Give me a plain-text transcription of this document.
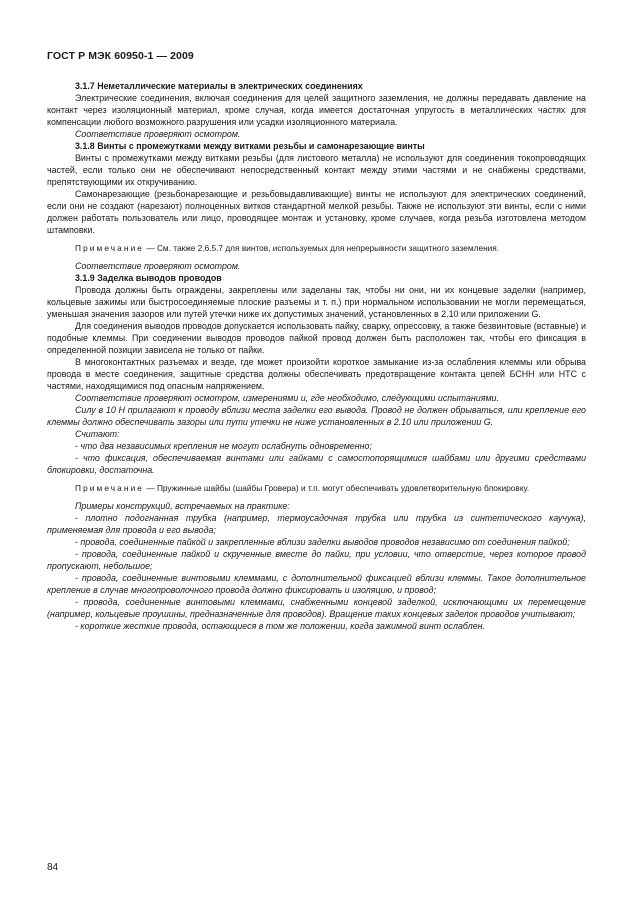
ГОСТ Р МЭК 60950-1 — 2009

3.1.7 Неметаллические материалы в электрических соединениях

Электрические соединения, включая соединения для целей защитного заземления, не должны передавать давление на контакт через изоляционный материал, кроме случая, когда имеется достаточная упругость в металлических частях для компенсации любого возможного разрушения или усадки изоляционного материала.

Соответствие проверяют осмотром.

3.1.8 Винты с промежутками между витками резьбы и самонарезающие винты

Винты с промежутками между витками резьбы (для листового металла) не используют для соединения токопроводящих частей, если только они не обеспечивают непосредственный контакт между этими частями и не снабжены средствами, препятствующими их откручиванию.

Самонарезающие (резьбонарезающие и резьбовыдавливающие) винты не используют для электрических соединений, если они не создают (нарезают) полноценных витков стандартной мелкой резьбы. Также не используют эти винты, если с ними должен работать пользователь или лицо, проводящее монтаж и установку, кроме случаев, когда резьба изготовлена методом штамповки.

Примечание — См. также 2.6.5.7 для винтов, используемых для непрерывности защитного заземления.

Соответствие проверяют осмотром.

3.1.9 Заделка выводов проводов

Провода должны быть ограждены, закреплены или заделаны так, чтобы ни они, ни их концевые заделки (например, кольцевые зажимы или быстросоединяемые плоские разъемы и т. п.) при нормальном использовании не могли перемещаться, уменьшая значения зазоров или путей утечки ниже их допустимых значений, установленных в 2.10 или приложении G.

Для соединения выводов проводов допускается использовать пайку, сварку, опрессовку, а также безвинтовые (вставные) и подобные клеммы. При соединении выводов проводов пайкой провод должен быть расположен так, чтобы его фиксация в определенной позиции зависела не только от пайки.

В многоконтактных разъемах и везде, где может произойти короткое замыкание из-за ослабления клеммы или обрыва провода в месте соединения, защитные средства должны обеспечивать предотвращение контакта цепей БСНН или НТС с частями, находящимися под опасным напряжением.

Соответствие проверяют осмотром, измерениями и, где необходимо, следующими испытаниями.

Силу в 10 Н прилагают к проводу вблизи места заделки его вывода. Провод не должен обрываться, или крепление его клеммы должно обеспечивать зазоры или пути утечки не ниже установленных в 2.10 или приложении G.

Считают:

- что два независимых крепления не могут ослабнуть одновременно;

- что фиксация, обеспечиваемая винтами или гайками с самостопорящимися шайбами или другими средствами блокировки, достаточна.

Примечание — Пружинные шайбы (шайбы Гровера) и т.п. могут обеспечивать удовлетворительную блокировку.

Примеры конструкций, встречаемых на практике:

- плотно подогнанная трубка (например, термоусадочная трубка или трубка из синтетического каучука), применяемая для провода и его вывода;

- провода, соединенные пайкой и закрепленные вблизи заделки выводов проводов независимо от соединения пайкой;

- провода, соединенные пайкой и скрученные вместе до пайки, при условии, что отверстие, через которое провод пропускают, небольшое;

- провода, соединенные винтовыми клеммами, с дополнительной фиксацией вблизи клеммы. Такое дополнительное крепление в случае многопроволочного провода должно фиксировать и изоляцию, и провод;

- провода, соединенные винтовыми клеммами, снабженными концевой заделкой, исключающими их перемещение (например, кольцевые проушины, предназначенные для проводов). Вращение таких концевых заделок проводов учитывают;

- короткие жесткие провода, остающиеся в том же положении, когда зажимной винт ослаблен.

84
